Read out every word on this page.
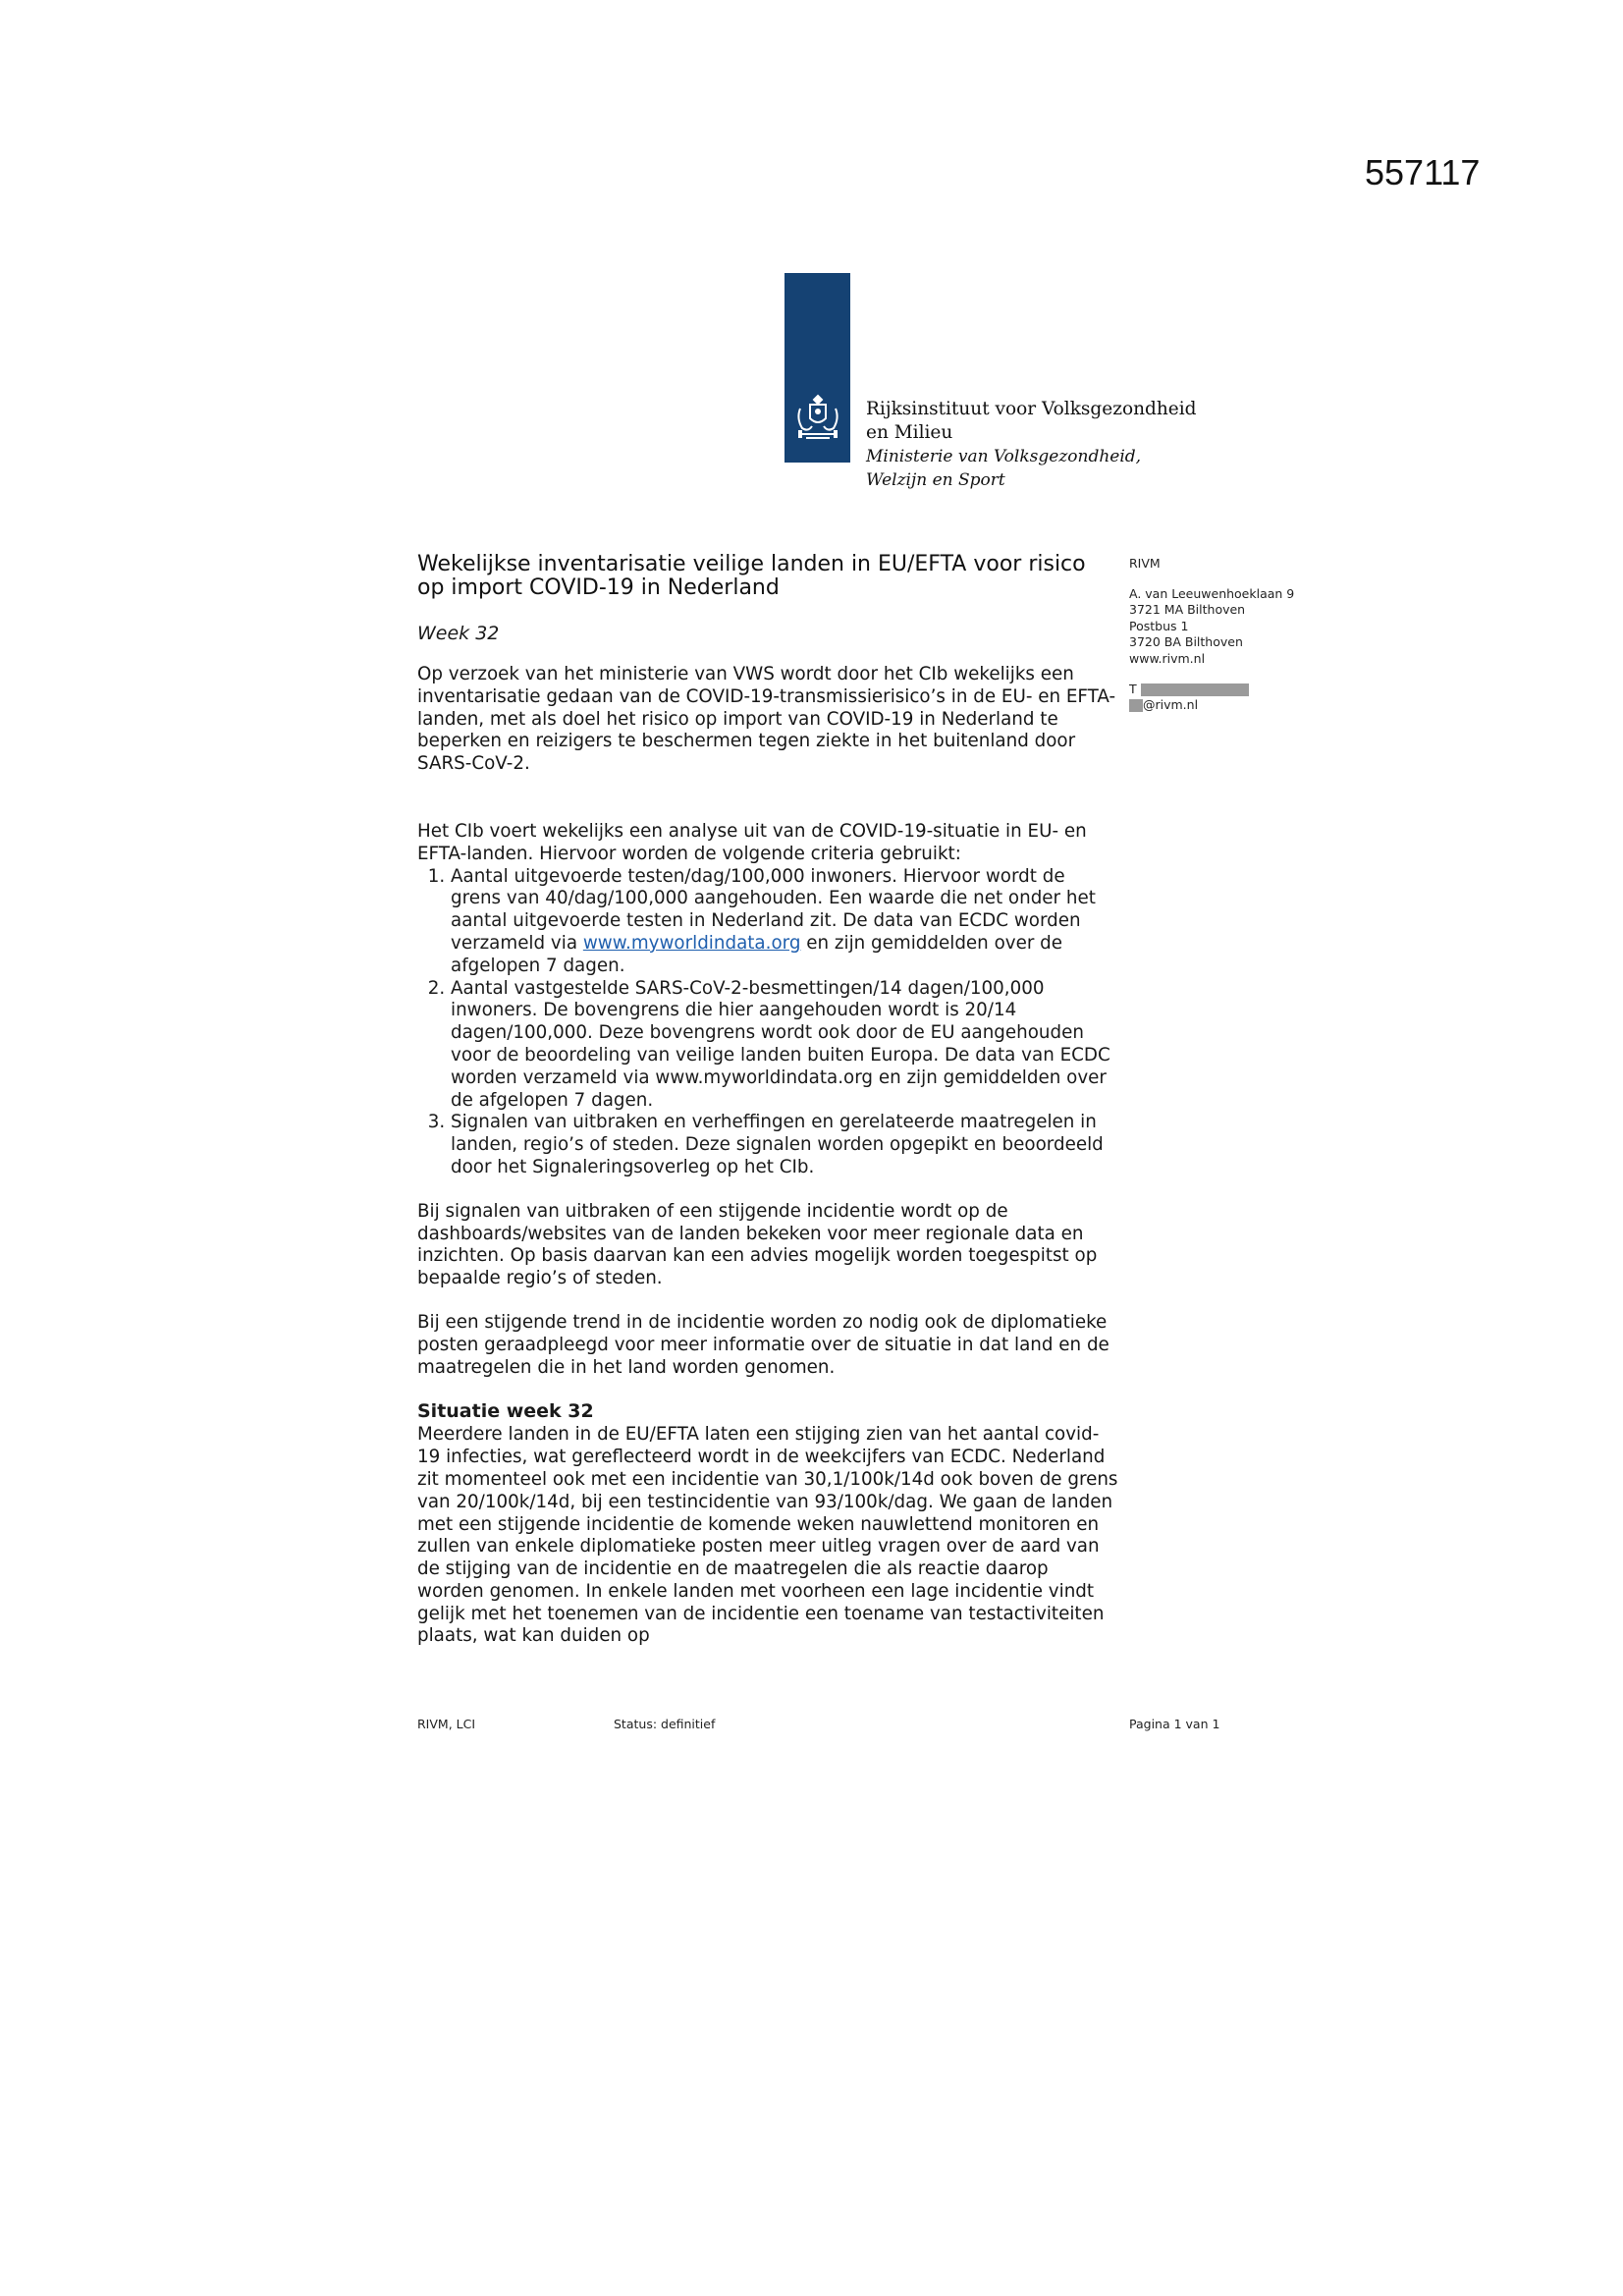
557117
Rijksinstituut voor Volksgezondheid
en Milieu
Ministerie van Volksgezondheid,
Welzijn en Sport
Wekelijkse inventarisatie veilige landen in EU/EFTA voor risico op import COVID-19 in Nederland
Week 32

Op verzoek van het ministerie van VWS wordt door het CIb wekelijks een inventarisatie gedaan van de COVID-19-transmissierisico’s in de EU- en EFTA-landen, met als doel het risico op import van COVID-19 in Nederland te beperken en reizigers te beschermen tegen ziekte in het buitenland door SARS-CoV-2.

Het CIb voert wekelijks een analyse uit van de COVID-19-situatie in EU- en EFTA-landen. Hiervoor worden de volgende criteria gebruikt:

1. Aantal uitgevoerde testen/dag/100,000 inwoners. Hiervoor wordt de grens van 40/dag/100,000 aangehouden. Een waarde die net onder het aantal uitgevoerde testen in Nederland zit. De data van ECDC worden verzameld via www.myworldindata.org en zijn gemiddelden over de afgelopen 7 dagen.
2. Aantal vastgestelde SARS-CoV-2-besmettingen/14 dagen/100,000 inwoners. De bovengrens die hier aangehouden wordt is 20/14 dagen/100,000. Deze bovengrens wordt ook door de EU aangehouden voor de beoordeling van veilige landen buiten Europa. De data van ECDC worden verzameld via www.myworldindata.org en zijn gemiddelden over de afgelopen 7 dagen.
3. Signalen van uitbraken en verheffingen en gerelateerde maatregelen in landen, regio’s of steden. Deze signalen worden opgepikt en beoordeeld door het Signaleringsoverleg op het CIb.

Bij signalen van uitbraken of een stijgende incidentie wordt op de dashboards/websites van de landen bekeken voor meer regionale data en inzichten. Op basis daarvan kan een advies mogelijk worden toegespitst op bepaalde regio’s of steden.

Bij een stijgende trend in de incidentie worden zo nodig ook de diplomatieke posten geraadpleegd voor meer informatie over de situatie in dat land en de maatregelen die in het land worden genomen.

Situatie week 32

Meerdere landen in de EU/EFTA laten een stijging zien van het aantal covid-19 infecties, wat gereflecteerd wordt in de weekcijfers van ECDC. Nederland zit momenteel ook met een incidentie van 30,1/100k/14d ook boven de grens van 20/100k/14d, bij een testincidentie van 93/100k/dag. We gaan de landen met een stijgende incidentie de komende weken nauwlettend monitoren en zullen van enkele diplomatieke posten meer uitleg vragen over de aard van de stijging van de incidentie en de maatregelen die als reactie daarop worden genomen. In enkele landen met voorheen een lage incidentie vindt gelijk met het toenemen van de incidentie een toename van testactiviteiten plaats, wat kan duiden op

RIVM
A. van Leeuwenhoeklaan 9
3721 MA Bilthoven
Postbus 1
3720 BA Bilthoven
www.rivm.nl
T
@rivm.nl
RIVM, LCI	Status: definitief	Pagina 1 van 1
